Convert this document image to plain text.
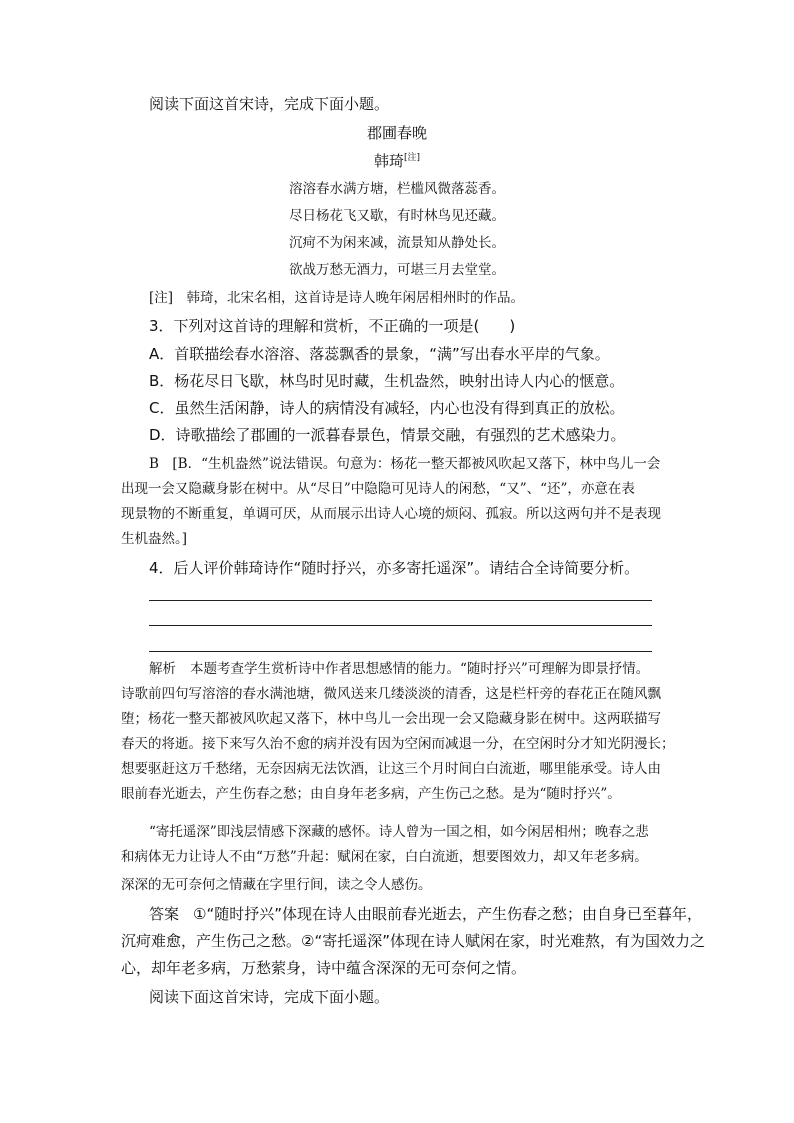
阅读下面这首宋诗，完成下面小题。
郡圃春晚
韩琦[注]
溶溶春水满方塘，栏槛风微落蕊香。
尽日杨花飞又歇，有时林鸟见还藏。
沉疴不为闲来减，流景知从静处长。
欲战万愁无酒力，可堪三月去堂堂。
[注]　韩琦，北宋名相，这首诗是诗人晚年闲居相州时的作品。
3．下列对这首诗的理解和赏析，不正确的一项是(　　)
A．首联描绘春水溶溶、落蕊飘香的景象，“满”写出春水平岸的气象。
B．杨花尽日飞歇，林鸟时见时藏，生机盎然，映射出诗人内心的惬意。
C．虽然生活闲静，诗人的病情没有减轻，内心也没有得到真正的放松。
D．诗歌描绘了郡圃的一派暮春景色，情景交融，有强烈的艺术感染力。
B　[B．“生机盎然”说法错误。句意为：杨花一整天都被风吹起又落下，林中鸟儿一会
出现一会又隐藏身影在树中。从“尽日”中隐隐可见诗人的闲愁，“又”、“还”，亦意在表
现景物的不断重复，单调可厌，从而展示出诗人心境的烦闷、孤寂。所以这两句并不是表现
生机盎然。]
4．后人评价韩琦诗作“随时抒兴，亦多寄托遥深”。请结合全诗简要分析。
解析 本题考查学生赏析诗中作者思想感情的能力。“随时抒兴”可理解为即景抒情。
诗歌前四句写溶溶的春水满池塘，微风送来几缕淡淡的清香，这是栏杆旁的春花正在随风飘
堕；杨花一整天都被风吹起又落下，林中鸟儿一会出现一会又隐藏身影在树中。这两联描写
春天的将逝。接下来写久治不愈的病并没有因为空闲而减退一分，在空闲时分才知光阴漫长；
想要驱赶这万千愁绪，无奈因病无法饮酒，让这三个月时间白白流逝，哪里能承受。诗人由
眼前春光逝去，产生伤春之愁；由自身年老多病，产生伤己之愁。是为“随时抒兴”。
“寄托遥深”即浅层情感下深藏的感怀。诗人曾为一国之相，如今闲居相州；晚春之悲
和病体无力让诗人不由“万愁”升起：赋闲在家，白白流逝，想要图效力，却又年老多病。
深深的无可奈何之情藏在字里行间，读之令人感伤。
答案 ①“随时抒兴”体现在诗人由眼前春光逝去，产生伤春之愁；由自身已至暮年，
沉疴难愈，产生伤己之愁。②“寄托遥深”体现在诗人赋闲在家，时光难熬，有为国效力之
心，却年老多病，万愁萦身，诗中蕴含深深的无可奈何之情。
阅读下面这首宋诗，完成下面小题。
